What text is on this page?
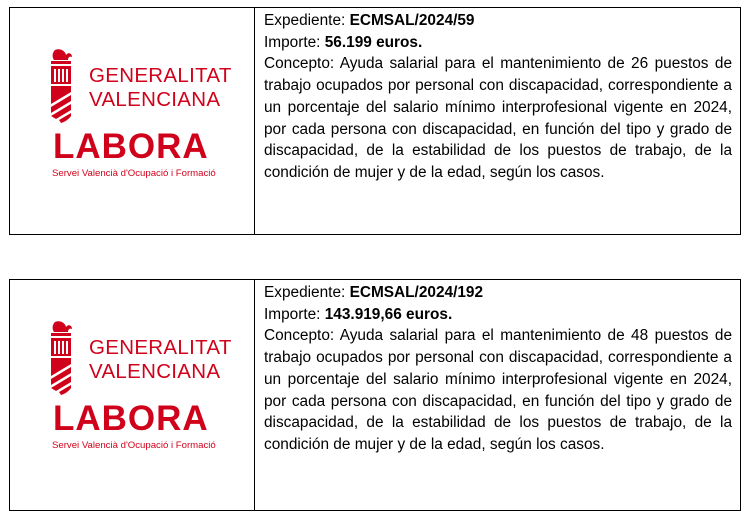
GENERALITAT
VALENCIANA
LABORA
Servei Valencià d'Ocupació i Formació

Expediente: ECMSAL/2024/59

Importe: 56.199 euros.

Concepto: Ayuda salarial para el mantenimiento de 26 puestos de trabajo ocupados por personal con discapacidad, correspondiente a un porcentaje del salario mínimo interprofesional vigente en 2024, por cada persona con discapacidad, en función del tipo y grado de discapacidad, de la estabilidad de los puestos de trabajo, de la condición de mujer y de la edad, según los casos.

GENERALITAT
VALENCIANA
LABORA
Servei Valencià d'Ocupació i Formació

Expediente: ECMSAL/2024/192

Importe: 143.919,66 euros.

Concepto: Ayuda salarial para el mantenimiento de 48 puestos de trabajo ocupados por personal con discapacidad, correspondiente a un porcentaje del salario mínimo interprofesional vigente en 2024, por cada persona con discapacidad, en función del tipo y grado de discapacidad, de la estabilidad de los puestos de trabajo, de la condición de mujer y de la edad, según los casos.
